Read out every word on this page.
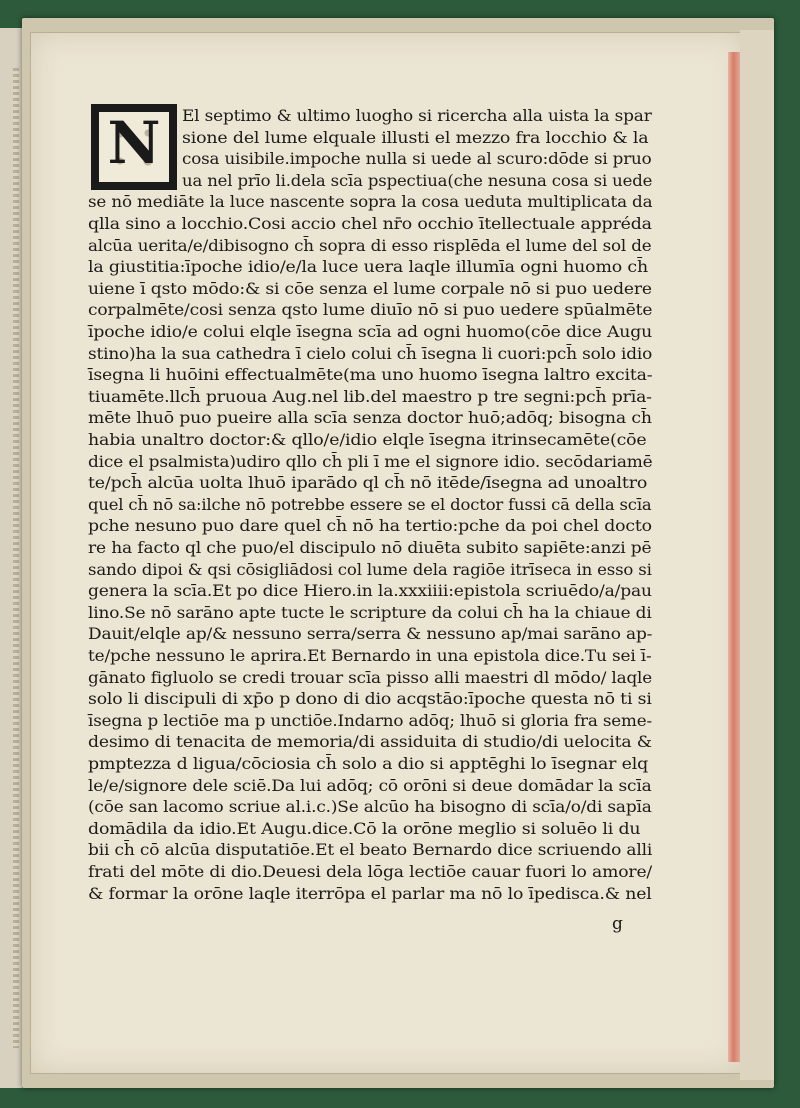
N	El septimo & ultimo luogho si ricercha alla uista la spar
sione del lume elquale illusti el mezzo fra locchio & la
cosa uisibile.impoche nulla si uede al scuro:dōde si pruo
ua nel prīo li.dela scīa pspectiua(che nesuna cosa si uede
se nō mediāte la luce nascente sopra la cosa ueduta multiplicata da
qlla sino a locchio.Cosi accio chel nr̄o occhio ītellectuale appréda
alcūa uerita/e/dibisogno ch̄ sopra di esso risplēda el lume del sol de
la giustitia:īpoche idio/e/la luce uera laqle illumīa ogni huomo ch̄
uiene ī qsto mōdo:& si cōe senza el lume corpale nō si puo uedere
corpalmēte/cosi senza qsto lume diuīo nō si puo uedere spūalmēte
īpoche idio/e colui elqle īsegna scīa ad ogni huomo(cōe dice Augu
stino)ha la sua cathedra ī cielo colui ch̄ īsegna li cuori:pch̄ solo idio
īsegna li huōini effectualmēte(ma uno huomo īsegna laltro excita-
tiuamēte.llch̄ pruoua Aug.nel lib.del maestro p tre segni:pch̄ prīa-
mēte lhuō puo pueire alla scīa senza doctor huō;adōq; bisogna ch̄
habia unaltro doctor:& qllo/e/idio elqle īsegna itrinsecamēte(cōe
dice el psalmista)udiro qllo ch̄ pli ī me el signore idio. secōdariamē
te/pch̄ alcūa uolta lhuō iparādo ql ch̄ nō itēde/īsegna ad unoaltro
quel ch̄ nō sa:ilche nō potrebbe essere se el doctor fussi cā della scīa
pche nesuno puo dare quel ch̄ nō ha tertio:pche da poi chel docto
re ha facto ql che puo/el discipulo nō diuēta subito sapiēte:anzi pē
sando dipoi & qsi cōsigliādosi col lume dela ragiōe itrīseca in esso si
genera la scīa.Et po dice Hiero.in la.xxxiiii:epistola scriuēdo/a/pau
lino.Se nō sarāno apte tucte le scripture da colui ch̄ ha la chiaue di
Dauit/elqle ap/& nessuno serra/serra & nessuno ap/mai sarāno ap-
te/pche nessuno le aprira.Et Bernardo in una epistola dice.Tu sei ī-
gānato figluolo se credi trouar scīa pisso alli maestri dl mōdo/ laqle
solo li discipuli di xp̄o p dono di dio acqstāo:īpoche questa nō ti si
īsegna p lectiōe ma p unctiōe.Indarno adōq; lhuō si gloria fra seme-
desimo di tenacita de memoria/di assiduita di studio/di uelocita &
pmptezza d ligua/cōciosia ch̄ solo a dio si apptēghi lo īsegnar elq
le/e/signore dele sciē.Da lui adōq; cō orōni si deue domādar la scīa
(cōe san lacomo scriue al.i.c.)Se alcūo ha bisogno di scīa/o/di sapīa
domādila da idio.Et Augu.dice.Cō la orōne meglio si soluēo li du
bii ch̄ cō alcūa disputatiōe.Et el beato Bernardo dice scriuendo alli
frati del mōte di dio.Deuesi dela lōga lectiōe cauar fuori lo amore/
& formar la orōne laqle iterrōpa el parlar ma nō lo īpedisca.& nel
g
